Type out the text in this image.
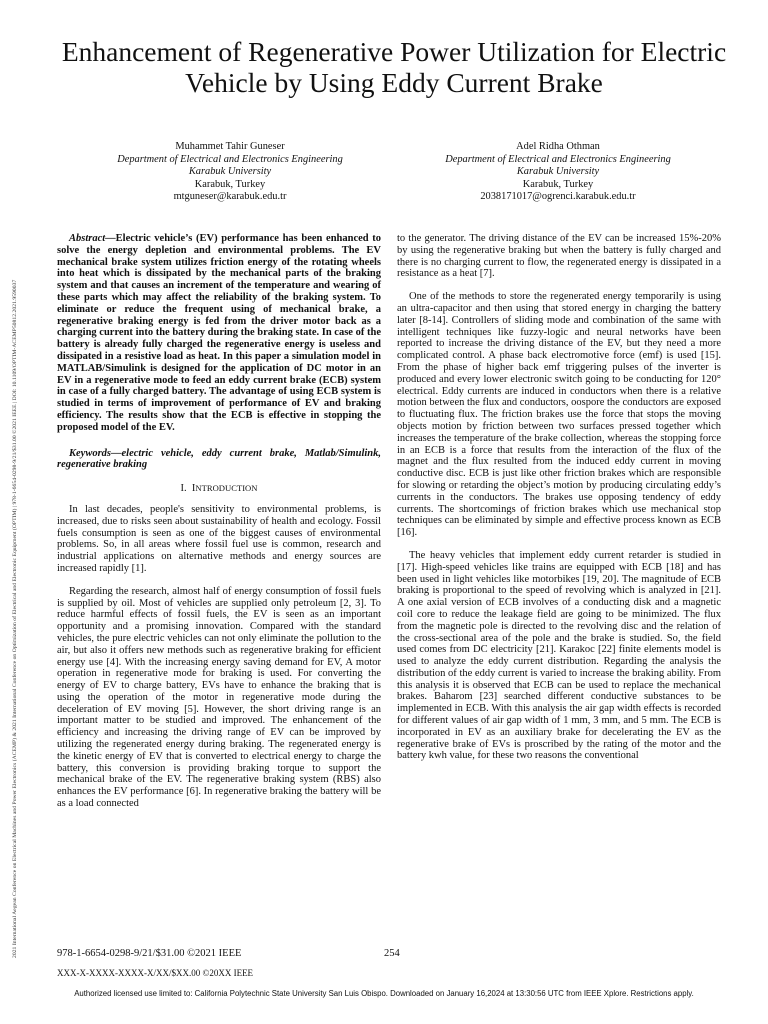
2021 International Aegean Conference on Electrical Machines and Power Electronics (ACEMP) & 2021 International Conference on Optimization of Electrical and Electronic Equipment (OPTIM) | 978-1-6654-0298-9/21/$31.00 ©2021 IEEE | DOI: 10.1109/OPTIM-ACEMP50812.2021.9590037
Enhancement of Regenerative Power Utilization for Electric Vehicle by Using Eddy Current Brake
Muhammet Tahir Guneser
Department of Electrical and Electronics Engineering
Karabuk University
Karabuk, Turkey
mtguneser@karabuk.edu.tr
Adel Ridha Othman
Department of Electrical and Electronics Engineering
Karabuk University
Karabuk, Turkey
2038171017@ogrenci.karabuk.edu.tr

Abstract—Electric vehicle’s (EV) performance has been enhanced to solve the energy depletion and environmental problems. The EV mechanical brake system utilizes friction energy of the rotating wheels into heat which is dissipated by the mechanical parts of the braking system and that causes an increment of the temperature and wearing of these parts which may affect the reliability of the braking system. To eliminate or reduce the frequent using of mechanical brake, a regenerative braking energy is fed from the driver motor back as a charging current into the battery during the braking state. In case of the battery is already fully charged the regenerative energy is useless and dissipated in a resistive load as heat. In this paper a simulation model in MATLAB/Simulink is designed for the application of DC motor in an EV in a regenerative mode to feed an eddy current brake (ECB) system in case of a fully charged battery. The advantage of using ECB system is studied in terms of improvement of performance of EV and braking efficiency. The results show that the ECB is effective in stopping the proposed model of the EV.

Keywords—electric vehicle, eddy current brake, Matlab/Simulink, regenerative braking

I. INTRODUCTION

In last decades, people's sensitivity to environmental problems, is increased, due to risks seen about sustainability of health and ecology. Fossil fuels consumption is seen as one of the biggest causes of environmental problems. So, in all areas where fossil fuel use is common, research and industrial applications on alternative methods and energy sources are increased rapidly [1].

Regarding the research, almost half of energy consumption of fossil fuels is supplied by oil. Most of vehicles are supplied only petroleum [2, 3]. To reduce harmful effects of fossil fuels, the EV is seen as an important opportunity and a promising innovation. Compared with the standard vehicles, the pure electric vehicles can not only eliminate the pollution to the air, but also it offers new methods such as regenerative braking for efficient energy use [4]. With the increasing energy saving demand for EV, A motor operation in regenerative mode for braking is used. For converting the energy of EV to charge battery, EVs have to enhance the braking that is using the operation of the motor in regenerative mode during the deceleration of EV moving [5]. However, the short driving range is an important matter to be studied and improved. The enhancement of the efficiency and increasing the driving range of EV can be improved by utilizing the regenerated energy during braking. The regenerated energy is the kinetic energy of EV that is converted to electrical energy to charge the battery, this conversion is providing braking torque to support the mechanical brake of the EV. The regenerative braking system (RBS) also enhances the EV performance [6]. In regenerative braking the battery will be as a load connected

to the generator. The driving distance of the EV can be increased 15%-20% by using the regenerative braking but when the battery is fully charged and there is no charging current to flow, the regenerated energy is dissipated in a resistance as a heat [7].

One of the methods to store the regenerated energy temporarily is using an ultra-capacitor and then using that stored energy in charging the battery later [8-14]. Controllers of sliding mode and combination of the same with intelligent techniques like fuzzy-logic and neural networks have been reported to increase the driving distance of the EV, but they need a more complicated control. A phase back electromotive force (emf) is used [15]. From the phase of higher back emf triggering pulses of the inverter is produced and every lower electronic switch going to be conducting for 120° electrical. Eddy currents are induced in conductors when there is a relative motion between the flux and conductors, oospore the conductors are exposed to fluctuating flux. The friction brakes use the force that stops the moving objects motion by friction between two surfaces pressed together which increases the temperature of the brake collection, whereas the stopping force in an ECB is a force that results from the interaction of the flux of the magnet and the flux resulted from the induced eddy current in moving conductive disc. ECB is just like other friction brakes which are responsible for slowing or retarding the object’s motion by producing circulating eddy’s currents in the conductors. The brakes use opposing tendency of eddy currents. The shortcomings of friction brakes which use mechanical stop techniques can be eliminated by simple and effective process known as ECB [16].

The heavy vehicles that implement eddy current retarder is studied in [17]. High-speed vehicles like trains are equipped with ECB [18] and has been used in light vehicles like motorbikes [19, 20]. The magnitude of ECB braking is proportional to the speed of revolving which is analyzed in [21]. A one axial version of ECB involves of a conducting disk and a magnetic coil core to reduce the leakage field are going to be minimized. The flux from the magnetic pole is directed to the revolving disc and the relation of the cross-sectional area of the pole and the brake is studied. So, the field used comes from DC electricity [21]. Karakoc [22] finite elements model is used to analyze the eddy current distribution. Regarding the analysis the distribution of the eddy current is varied to increase the braking ability. From this analysis it is observed that ECB can be used to replace the mechanical brakes. Baharom [23] searched different conductive substances to be implemented in ECB. With this analysis the air gap width effects is recorded for different values of air gap width of 1 mm, 3 mm, and 5 mm. The ECB is incorporated in EV as an auxiliary brake for decelerating the EV as the regenerative brake of EVs is proscribed by the rating of the motor and the battery kwh value, for these two reasons the conventional

978-1-6654-0298-9/21/$31.00 ©2021 IEEE	254
XXX-X-XXXX-XXXX-X/XX/$XX.00 ©20XX IEEE
Authorized licensed use limited to: California Polytechnic State University San Luis Obispo. Downloaded on January 16,2024 at 13:30:56 UTC from IEEE Xplore. Restrictions apply.
